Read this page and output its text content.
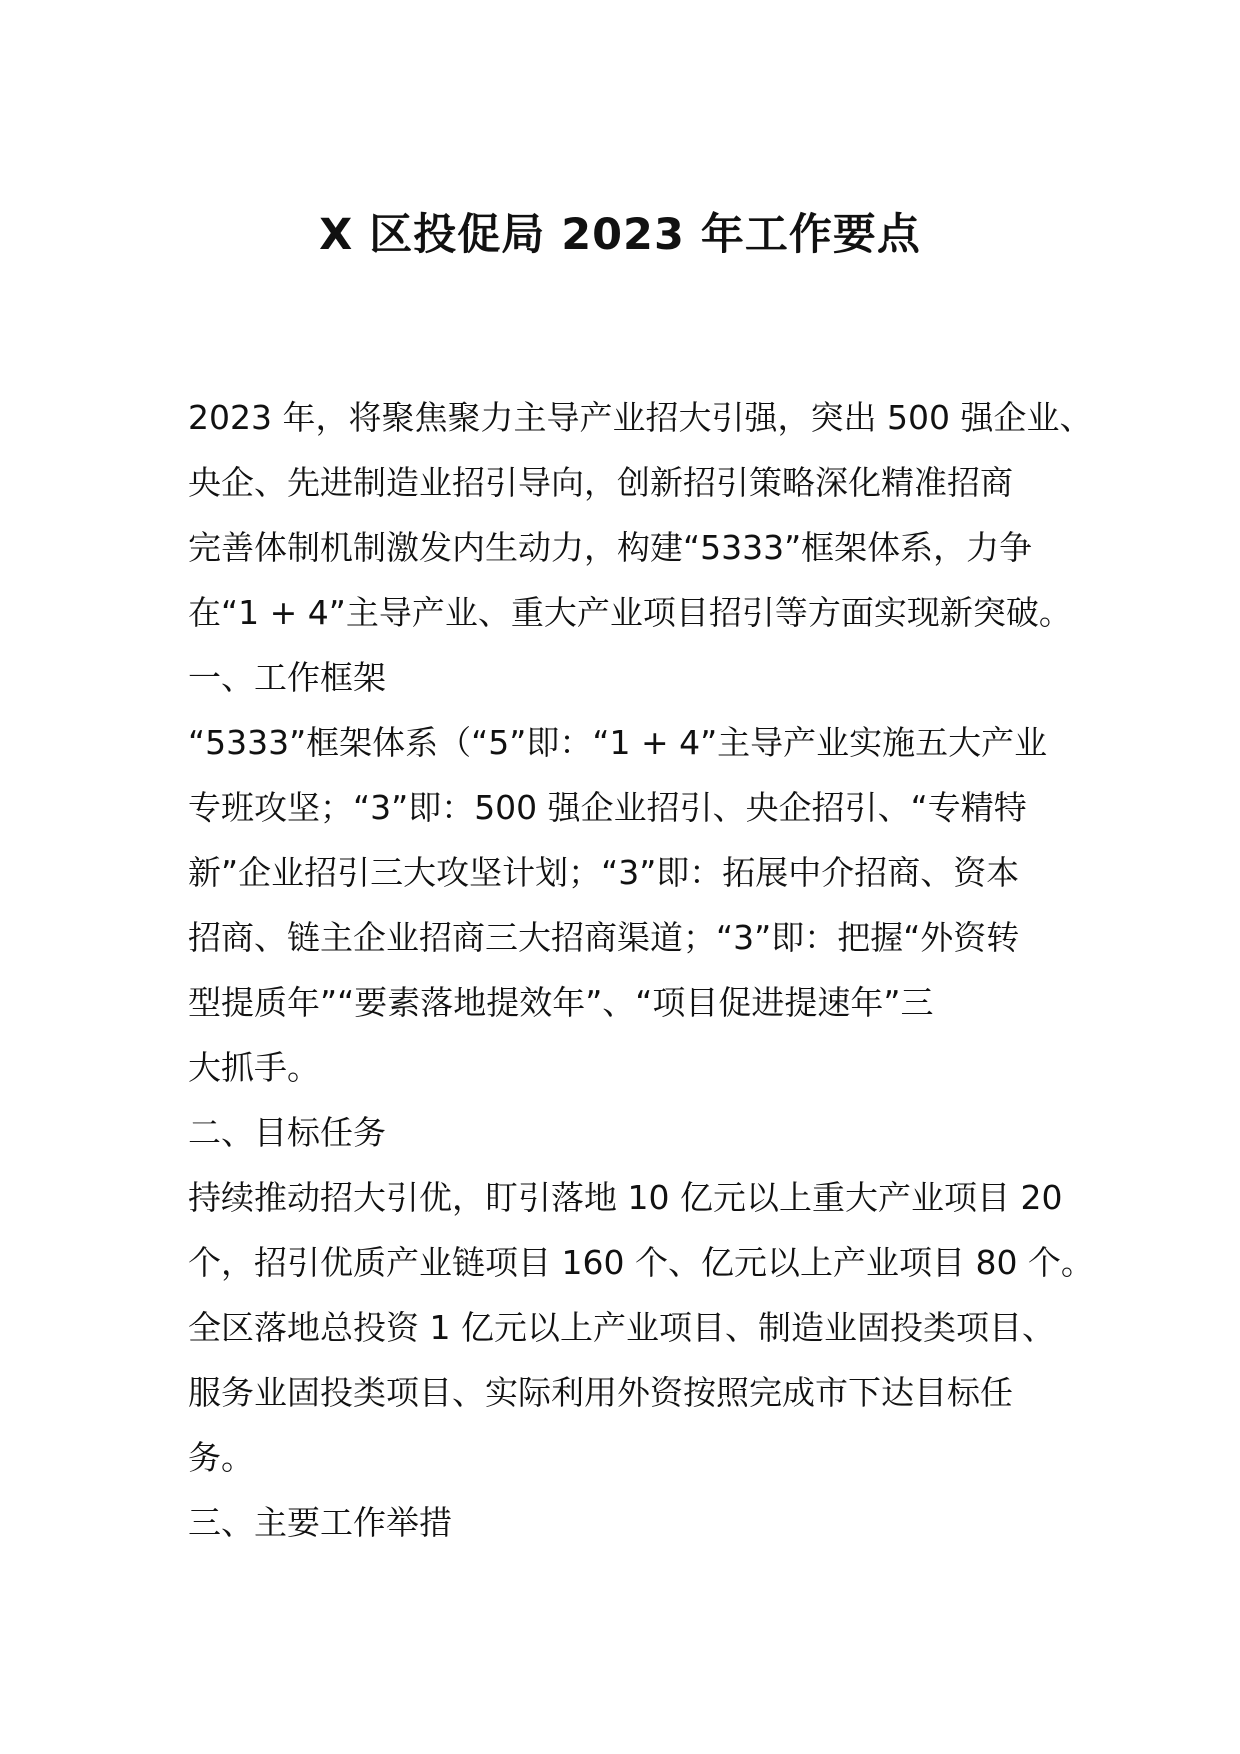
X 区投促局 2023 年工作要点
2023 年，将聚焦聚力主导产业招大引强，突出 500 强企业、
央企、先进制造业招引导向，创新招引策略深化精准招商
完善体制机制激发内生动力，构建“5333”框架体系，力争
在“1 + 4”主导产业、重大产业项目招引等方面实现新突破。
一、工作框架
“5333”框架体系（“5”即：“1 + 4”主导产业实施五大产业
专班攻坚；“3”即：500 强企业招引、央企招引、“专精特
新”企业招引三大攻坚计划；“3”即：拓展中介招商、资本
招商、链主企业招商三大招商渠道；“3”即：把握“外资转
型提质年”“要素落地提效年”、“项目促进提速年”三
大抓手。
二、目标任务
持续推动招大引优，盯引落地 10 亿元以上重大产业项目 20
个，招引优质产业链项目 160 个、亿元以上产业项目 80 个。
全区落地总投资 1 亿元以上产业项目、制造业固投类项目、
服务业固投类项目、实际利用外资按照完成市下达目标任
务。
三、主要工作举措
